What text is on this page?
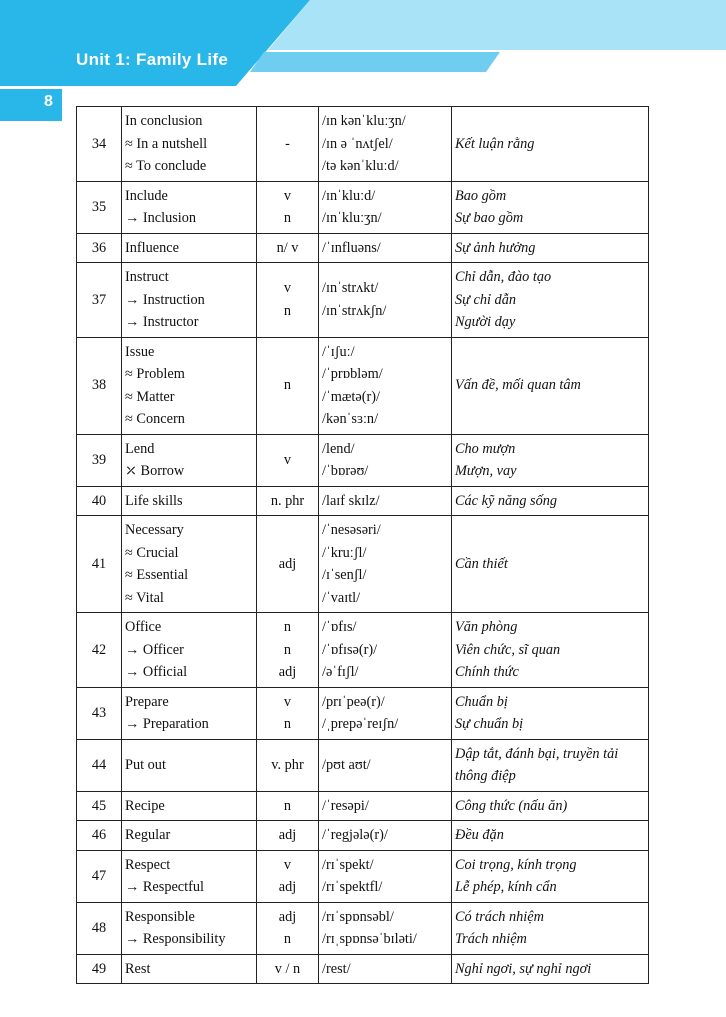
Unit 1: Family Life
8
34	In conclusion
≈ In a nutshell
≈ To conclude	-	/ɪn kənˈkluːʒn/
/ɪn ə ˈnʌtʃel/
/tə kənˈkluːd/	Kết luận rằng

35	Include
→ Inclusion	v
n	/ɪnˈkluːd/
/ɪnˈkluːʒn/	Bao gồm
Sự bao gồm

36	Influence	n/ v	/ˈɪnfluəns/	Sự ảnh hưởng

37	Instruct
→ Instruction
→ Instructor	v
n	/ɪnˈstrʌkt/
/ɪnˈstrʌkʃn/	Chỉ dẫn, đào tạo
Sự chỉ dẫn
Người dạy

38	Issue
≈ Problem
≈ Matter
≈ Concern	n	/ˈɪʃuː/
/ˈprɒbləm/
/ˈmætə(r)/
/kənˈsɜːn/	Vấn đề, mối quan tâm

39	Lend
⤫ Borrow	v	/lend/
/ˈbɒrəʊ/	Cho mượn
Mượn, vay

40	Life skills	n. phr	/laɪf skɪlz/	Các kỹ năng sống

41	Necessary
≈ Crucial
≈ Essential
≈ Vital	adj	/ˈnesəsəri/
/ˈkruːʃl/
/ɪˈsenʃl/
/ˈvaɪtl/	Cần thiết

42	Office
→ Officer
→ Official	n
n
adj	/ˈɒfɪs/
/ˈɒfɪsə(r)/
/əˈfɪʃl/	Văn phòng
Viên chức, sĩ quan
Chính thức

43	Prepare
→ Preparation	v
n	/prɪˈpeə(r)/
/ˌprepəˈreɪʃn/	Chuẩn bị
Sự chuẩn bị

44	Put out	v. phr	/pʊt aʊt/	Dập tắt, đánh bại, truyền tải thông điệp

45	Recipe	n	/ˈresəpi/	Công thức (nấu ăn)

46	Regular	adj	/ˈregjələ(r)/	Đều đặn

47	Respect
→ Respectful	v
adj	/rɪˈspekt/
/rɪˈspektfl/	Coi trọng, kính trọng
Lễ phép, kính cẩn

48	Responsible
→ Responsibility	adj
n	/rɪˈspɒnsəbl/
/rɪˌspɒnsəˈbɪləti/	Có trách nhiệm
Trách nhiệm

49	Rest	v / n	/rest/	Nghỉ ngơi, sự nghỉ ngơi
